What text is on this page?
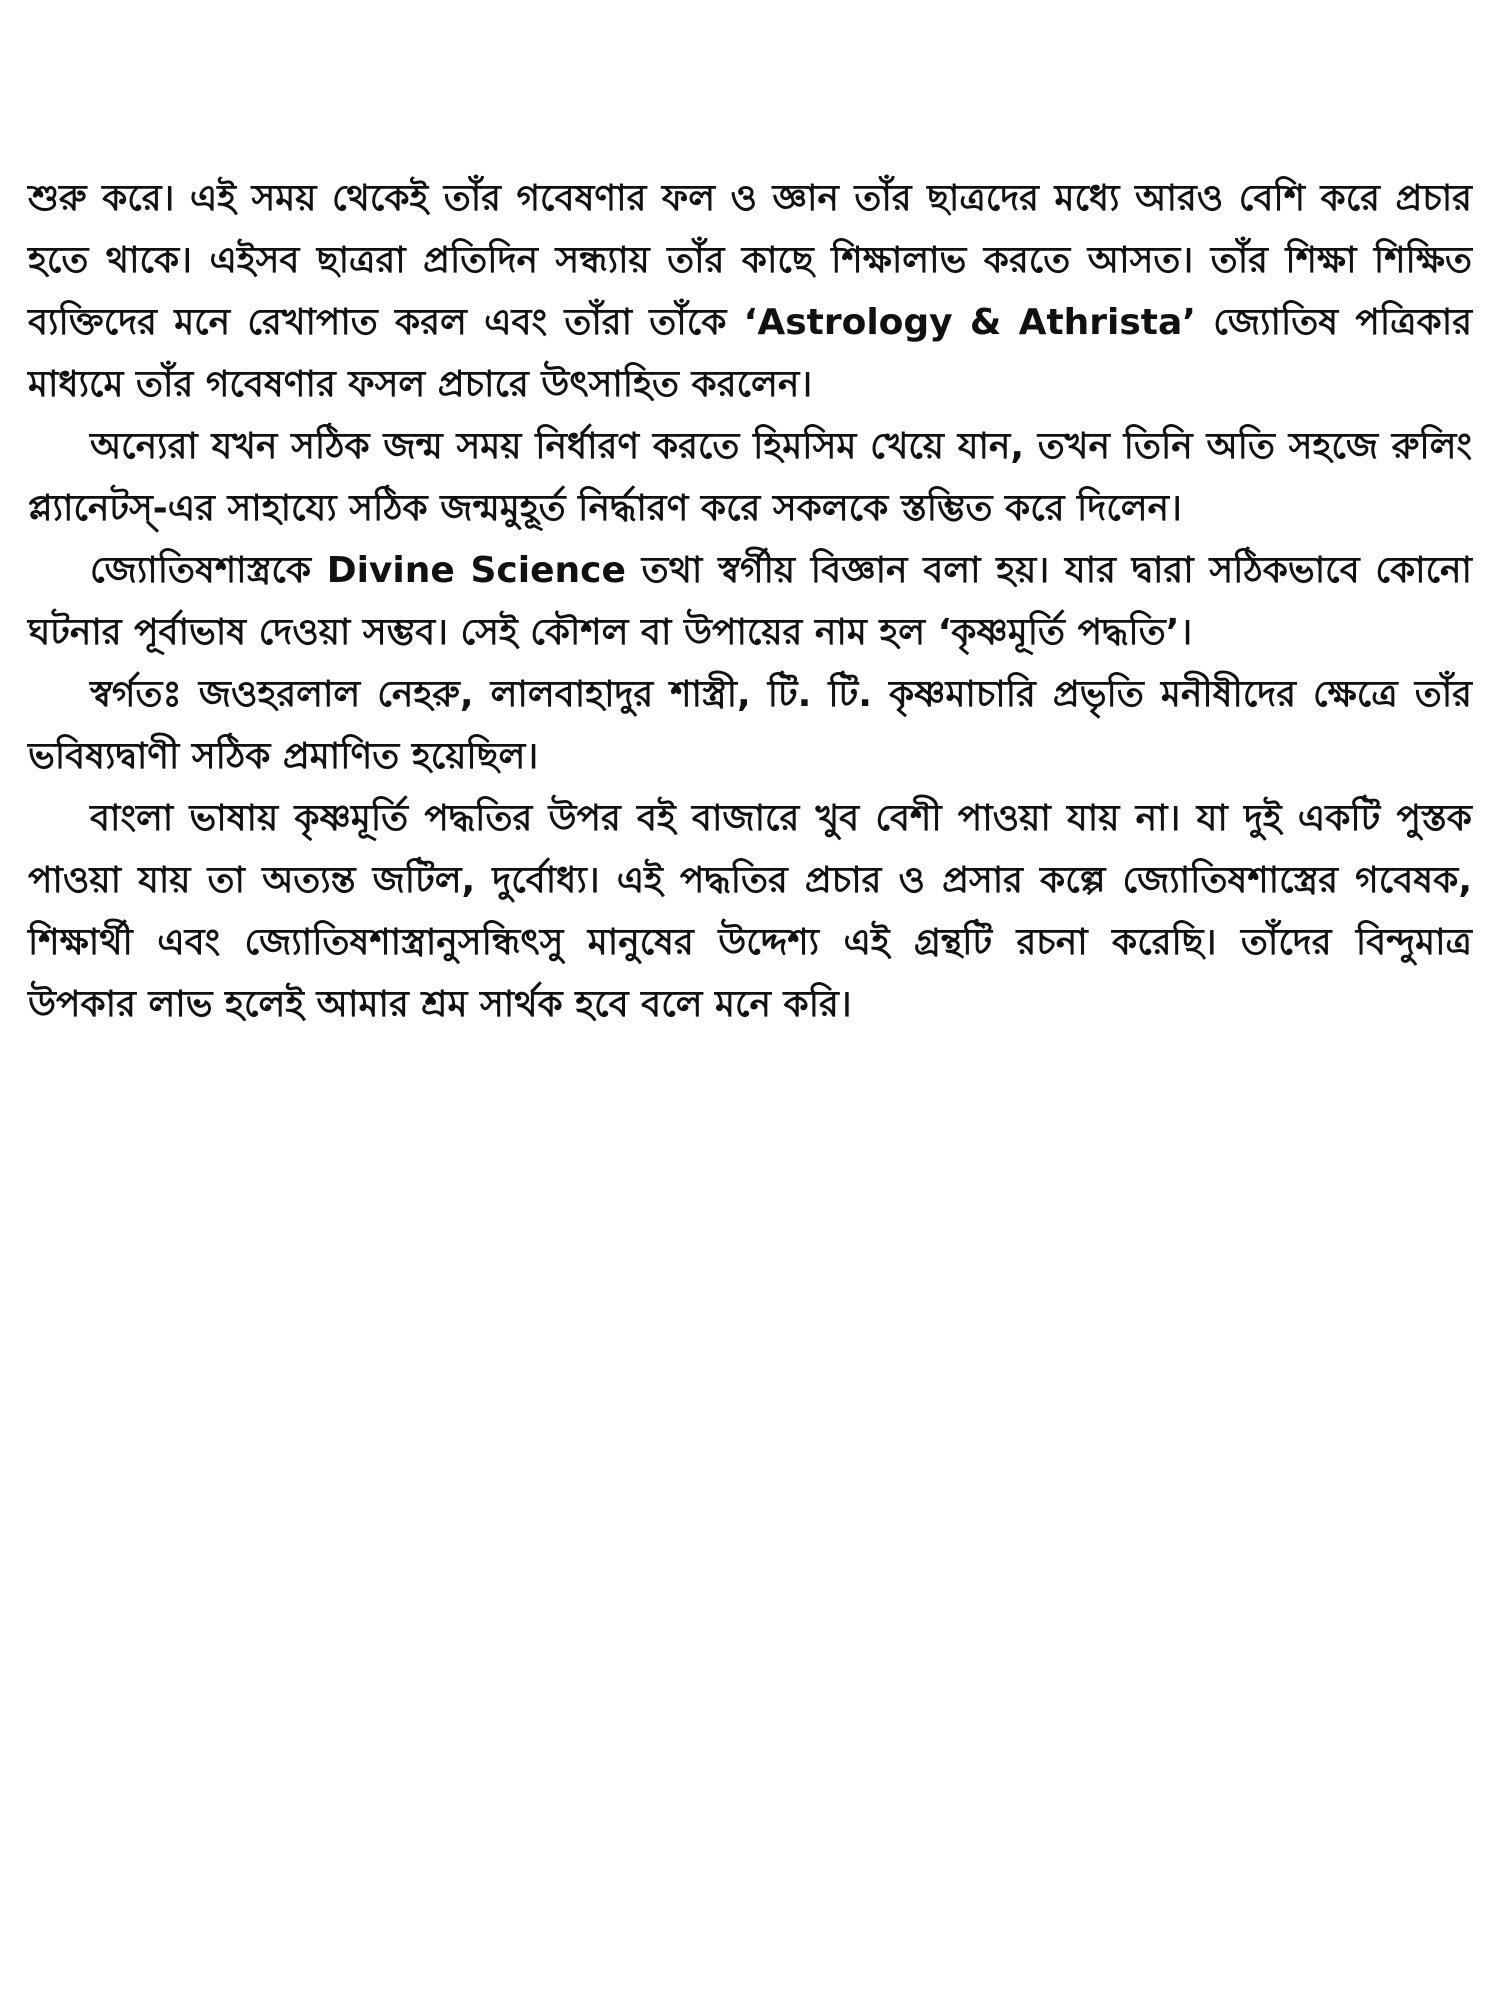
শুরু করে। এই সময় থেকেই তাঁর গবেষণার ফল ও জ্ঞান তাঁর ছাত্রদের মধ্যে আরও বেশি করে প্রচার হতে থাকে। এইসব ছাত্ররা প্রতিদিন সন্ধ্যায় তাঁর কাছে শিক্ষালাভ করতে আসত। তাঁর শিক্ষা শিক্ষিত ব্যক্তিদের মনে রেখাপাত করল এবং তাঁরা তাঁকে ‘Astrology & Athrista’ জ্যোতিষ পত্রিকার মাধ্যমে তাঁর গবেষণার ফসল প্রচারে উৎসাহিত করলেন।

অন্যেরা যখন সঠিক জন্ম সময় নির্ধারণ করতে হিমসিম খেয়ে যান, তখন তিনি অতি সহজে রুলিং প্ল্যানেটস্-এর সাহায্যে সঠিক জন্মমুহূর্ত নির্দ্ধারণ করে সকলকে স্তম্ভিত করে দিলেন।

জ্যোতিষশাস্ত্রকে Divine Science তথা স্বর্গীয় বিজ্ঞান বলা হয়। যার দ্বারা সঠিকভাবে কোনো ঘটনার পূর্বাভাষ দেওয়া সম্ভব। সেই কৌশল বা উপায়ের নাম হল ‘কৃষ্ণমূর্তি পদ্ধতি’।

স্বর্গতঃ জওহরলাল নেহরু, লালবাহাদুর শাস্ত্রী, টি. টি. কৃষ্ণমাচারি প্রভৃতি মনীষীদের ক্ষেত্রে তাঁর ভবিষ্যদ্বাণী সঠিক প্রমাণিত হয়েছিল।

বাংলা ভাষায় কৃষ্ণমূর্তি পদ্ধতির উপর বই বাজারে খুব বেশী পাওয়া যায় না। যা দুই একটি পুস্তক পাওয়া যায় তা অত্যন্ত জটিল, দুর্বোধ্য। এই পদ্ধতির প্রচার ও প্রসার কল্পে জ্যোতিষশাস্ত্রের গবেষক, শিক্ষার্থী এবং জ্যোতিষশাস্ত্রানুসন্ধিৎসু মানুষের উদ্দেশ্য এই গ্রন্থটি রচনা করেছি। তাঁদের বিন্দুমাত্র উপকার লাভ হলেই আমার শ্রম সার্থক হবে বলে মনে করি।
